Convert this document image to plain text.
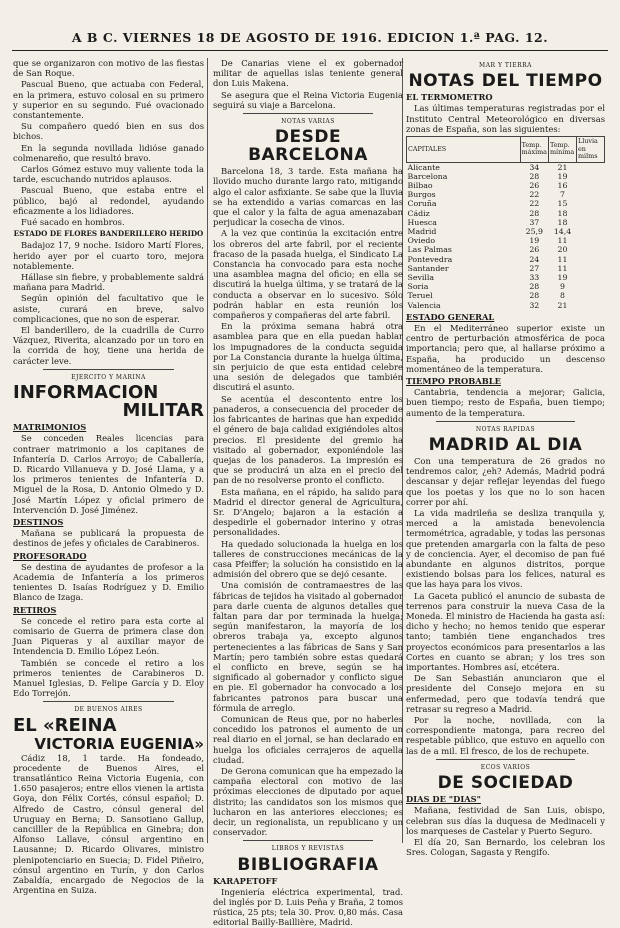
A B C. VIERNES 18 DE AGOSTO DE 1916. EDICION 1.ª PAG. 12.

que se organizaron con motivo de las fiestas de San Roque.

Pascual Bueno, que actuaba con Federal, en la primera, estuvo colosal en su primero y superior en su segundo. Fué ovacionado constantemente.

Su compañero quedó bien en sus dos bichos.

En la segunda novillada lidióse ganado colmenareño, que resultó bravo.

Carlos Gómez estuvo muy valiente toda la tarde, escuchando nutridos aplausos.

Pascual Bueno, que estaba entre el público, bajó al redondel, ayudando eficazmente a los lidiadores.

Fué sacado en hombros.

ESTADO DE FLORES BANDERILLERO HERIDO

Badajoz 17, 9 noche. Isidoro Martí Flores, herido ayer por el cuarto toro, mejora notablemente.

Hállase sin fiebre, y probablemente saldrá mañana para Madrid.

Según opinión del facultativo que le asiste, curará en breve, salvo complicaciones, que no son de esperar.

El banderillero, de la cuadrilla de Curro Vázquez, Riverita, alcanzado por un toro en la corrida de hoy, tiene una herida de carácter leve.

EJERCITO Y MARINA
INFORMACION
MILITAR
MATRIMONIOS

Se conceden Reales licencias para contraer matrimonio a los capitanes de Infantería D. Carlos Arroyo; de Caballería, D. Ricardo Villanueva y D. José Llama, y a los primeros tenientes de Infantería D. Miguel de la Rosa, D. Antonio Olmedo y D. José Martín López y oficial primero de Intervención D. José Jiménez.

DESTINOS

Mañana se publicará la propuesta de destinos de jefes y oficiales de Carabineros.

PROFESORADO

Se destina de ayudantes de profesor a la Academia de Infantería a los primeros tenientes D. Isaías Rodríguez y D. Emilio Blanco de Izaga.

RETIROS

Se concede el retiro para esta corte al comisario de Guerra de primera clase don Juan Piqueras y al auxiliar mayor de Intendencia D. Emilio López León.

También se concede el retiro a los primeros tenientes de Carabineros D. Manuel Iglesias, D. Felipe García y D. Eloy Edo Torrejón.

DE BUENOS AIRES
EL «REINA
VICTORIA EUGENIA»

Cádiz 18, 1 tarde. Ha fondeado, procedente de Buenos Aires, el transatlántico Reina Victoria Eugenia, con 1.650 pasajeros; entre ellos vienen la artista Goya, don Félix Cortés, cónsul español; D. Alfredo de Castro, cónsul general del Uruguay en Berna; D. Sansotiano Gallup, cancilller de la República en Ginebra; don Alfonso Lallave, cónsul argentino en Lausanne; D. Ricardo Olivares, ministro plenipotenciario en Suecia; D. Fidel Piñeiro, cónsul argentino en Turín, y don Carlos Zabaldía, encargado de Negocios de la Argentina en Suiza.

De Canarias viene el ex gobernador militar de aquellas islas teniente general don Luis Makena.

Se asegura que el Reina Victoria Eugenia seguirá su viaje a Barcelona.

NOTAS VARIAS
DESDE BARCELONA

Barcelona 18, 3 tarde. Esta mañana ha llovido mucho durante largo rato, mitigando algo el calor asfixiante. Se sabe que la lluvia se ha extendido a varias comarcas en las que el calor y la falta de agua amenazaban perjudicar la cosecha de vinos.

A la vez que continúa la excitación entre los obreros del arte fabril, por el reciente fracaso de la pasada huelga, el Sindicato La Constancia ha convocado para esta noche una asamblea magna del oficio; en ella se discutirá la huelga última, y se tratará de la conducta a observar en lo sucesivo. Sólo podrán hablar en esta reunión los compañeros y compañeras del arte fabril.

En la próxima semana habrá otra asamblea para que en ella puedan hablar los impugnadores de la conducta seguida por La Constancia durante la huelga última, sin perjuicio de que esta entidad celebre una sesión de delegados que también discutirá el asunto.

Se acentúa el descontento entre los panaderos, a consecuencia del proceder de los fabricantes de harinas que han expedido el género de baja calidad exigiéndoles altos precios. El presidente del gremio ha visitado al gobernador, exponiéndole las quejas de los panaderos. La impresión es que se producirá un alza en el precio del pan de no resolverse pronto el conflicto.

Esta mañana, en el rápido, ha salido para Madrid el director general de Agricultura, Sr. D'Angelo; bajaron a la estación a despedirle el gobernador interino y otras personalidades.

Ha quedado solucionada la huelga en los talleres de construcciones mecánicas de la casa Pfeiffer; la solución ha consistido en la admisión del obrero que se dejó cesante.

Una comisión de contramaestres de las fábricas de tejidos ha visitado al gobernador para darle cuenta de algunos detalles que faltan para dar por terminada la huelga; según manifestaron, la mayoría de los obreros trabaja ya, excepto algunos pertenecientes a las fábricas de Sans y San Martín; pero también sobre estas quedará el conflicto en breve, según se ha significado al gobernador y conflicto sigue en pie. El gobernador ha convocado a los fabricantes patronos para buscar una fórmula de arreglo.

Comunican de Reus que, por no haberles concedido los patronos el aumento de un real diario en el jornal, se han declarado en huelga los oficiales cerrajeros de aquella ciudad.

De Gerona comunican que ha empezado la campaña electoral con motivo de las próximas elecciones de diputado por aquel distrito; las candidatos son los mismos que lucharon en las anteriores elecciones; es decir, un regionalista, un republicano y un conservador.

LIBROS Y REVISTAS
BIBLIOGRAFIA
KARAPETOFF

Ingeniería eléctrica experimental, trad. del inglés por D. Luis Peña y Braña, 2 tomos rústica, 25 pts; tela 30. Prov. 0,80 más. Casa editorial Bailly-Baillière, Madrid.

MAR Y TIERRA
NOTAS DEL TIEMPO
EL TERMOMETRO

Las últimas temperaturas registradas por el Instituto Central Meteorológico en diversas zonas de España, son las siguientes:

CAPITALES	Temp. máxima	Temp. mínima	Lluvia en milms
Alicante	34	21	
Barcelona	28	19	
Bilbao	26	16	
Burgos	22	7	
Coruña	22	15	
Cádiz	28	18	
Huesca	37	18	
Madrid	25,9	14,4	
Oviedo	19	11	
Las Palmas	26	20	
Pontevedra	24	11	
Santander	27	11	
Sevilla	33	19	
Soria	28	9	
Teruel	28	8	
Valencia	32	21	
ESTADO GENERAL

En el Mediterráneo superior existe un centro de perturbación atmosférica de poca importancia; pero que, al hallarse próximo a España, ha producido un descenso momentáneo de la temperatura.

TIEMPO PROBABLE

Cantabria, tendencia a mejorar; Galicia, buen tiempo; resto de España, buen tiempo; aumento de la temperatura.

NOTAS RAPIDAS
MADRID AL DIA

Con una temperatura de 26 grados no tendremos calor, ¿eh? Además, Madrid podrá descansar y dejar reflejar leyendas del fuego que los poetas y los que no lo son hacen correr por ahí.

La vida madrileña se desliza tranquila y, merced a la amistada benevolencia termométrica, agradable, y todas las personas que pretenden amargarla con la falta de peso y de conciencia. Ayer, el decomiso de pan fué abundante en algunos distritos, porque existiendo bolsas para los felices, natural es que las haya para los vivos.

La Gaceta publicó el anuncio de subasta de terrenos para construir la nueva Casa de la Moneda. El ministro de Hacienda ha gasta así: dicho y hecho; no hemos tenido que esperar tanto; también tiene enganchados tres proyectos económicos para presentarlos a las Cortes en cuanto se abran; y los tres son importantes. Hombres así, etcétera.

De San Sebastián anunciaron que el presidente del Consejo mejora en su enfermedad, pero que todavía tendrá que retrasar su regreso a Madrid.

Por la noche, novillada, con la correspondiente matonga, para recreo del respetable público, que estuvo en aquello con las de a mil. El fresco, de los de rechupete.

ECOS VARIOS
DE SOCIEDAD
DIAS DE "DIAS"

Mañana, festividad de San Luis, obispo, celebran sus días la duquesa de Medinaceli y los marqueses de Castelar y Puerto Seguro.

El día 20, San Bernardo, los celebran los Sres. Cologan, Sagasta y Rengifo.
